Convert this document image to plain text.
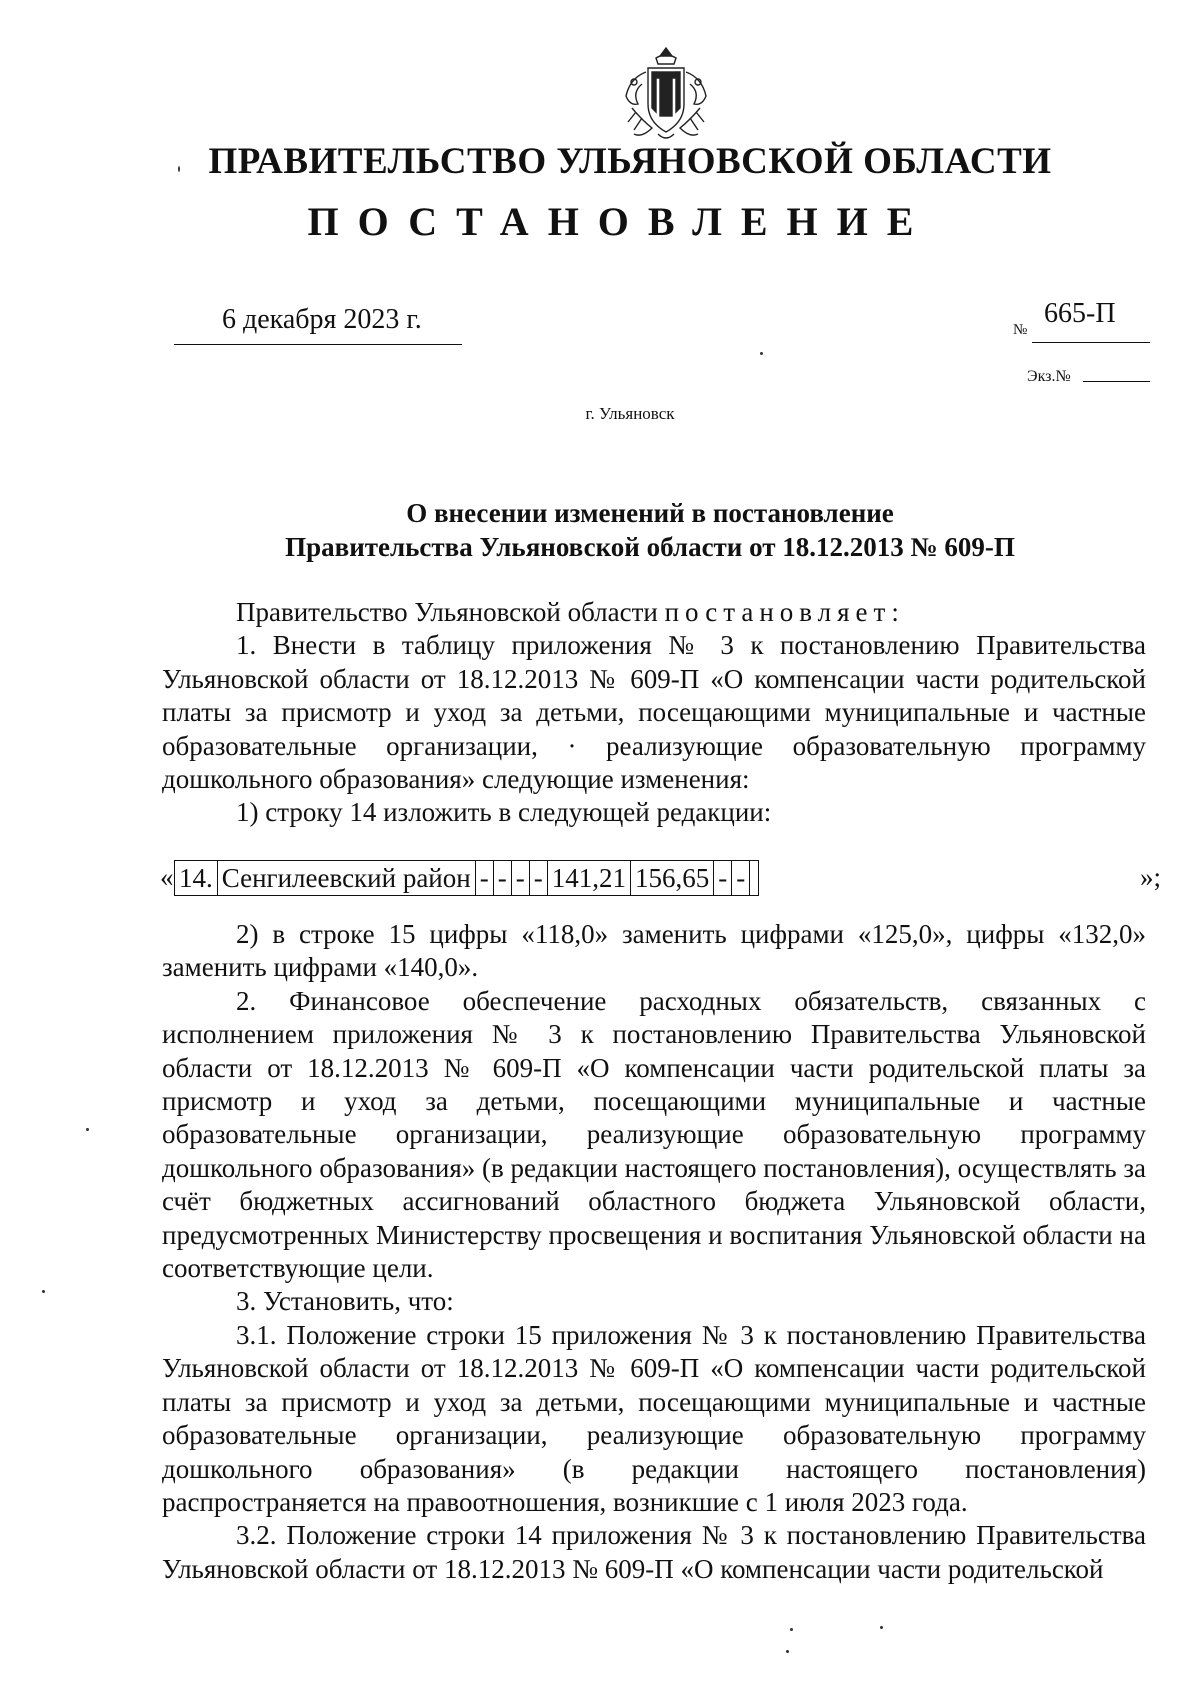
ПРАВИТЕЛЬСТВО УЛЬЯНОВСКОЙ ОБЛАСТИ
ПОСТАНОВЛЕНИЕ
6 декабря 2023 г.	№
665-П
Экз.№
г. Ульяновск
О внесении изменений в постановление
Правительства Ульяновской области от 18.12.2013 № 609-П

Правительство Ульяновской области постановляет:

1. Внести в таблицу приложения № 3 к постановлению Правительства Ульяновской области от 18.12.2013 № 609-П «О компенсации части родительской платы за присмотр и уход за детьми, посещающими муниципальные и частные образовательные организации, · реализующие образовательную программу дошкольного образования» следующие изменения:

1) строку 14 изложить в следующей редакции:

« 14.	Сенгилеевский район	-	-	-	-	141,21	156,65	-	-		»;

2) в строке 15 цифры «118,0» заменить цифрами «125,0», цифры «132,0» заменить цифрами «140,0».

2. Финансовое обеспечение расходных обязательств, связанных с исполнением приложения № 3 к постановлению Правительства Ульяновской области от 18.12.2013 № 609-П «О компенсации части родительской платы за присмотр и уход за детьми, посещающими муниципальные и частные образовательные организации, реализующие образовательную программу дошкольного образования» (в редакции настоящего постановления), осуществлять за счёт бюджетных ассигнований областного бюджета Ульяновской области, предусмотренных Министерству просвещения и воспитания Ульяновской области на соответствующие цели.

3. Установить, что:

3.1. Положение строки 15 приложения № 3 к постановлению Правительства Ульяновской области от 18.12.2013 № 609-П «О компенсации части родительской платы за присмотр и уход за детьми, посещающими муниципальные и частные образовательные организации, реализующие образовательную программу дошкольного образования» (в редакции настоящего постановления) распространяется на правоотношения, возникшие с 1 июля 2023 года.

3.2. Положение строки 14 приложения № 3 к постановлению Правительства Ульяновской области от 18.12.2013 № 609-П «О компенсации части родительской
